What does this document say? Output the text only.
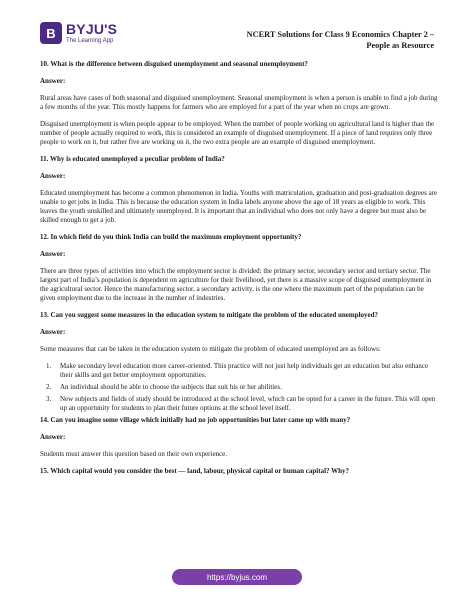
B BYJU'S
The Learning App
NCERT Solutions for Class 9 Economics Chapter 2 –
People as Resource
10. What is the difference between disguised unemployment and seasonal unemployment?
Answer:
Rural areas have cases of both seasonal and disguised unemployment. Seasonal unemployment is when a person is unable to find a job during a few months of the year. This mostly happens for farmers who are employed for a part of the year when no crops are grown.
Disguised unemployment is when people appear to be employed. When the number of people working on agricultural land is higher than the number of people actually required to work, this is considered an example of disguised unemployment. If a piece of land requires only three people to work on it, but rather five are working on it, the two extra people are an example of disguised unemployment.
11. Why is educated unemployed a peculiar problem of India?
Answer:
Educated unemployment has become a common phenomenon in India. Youths with matriculation, graduation and post-graduation degrees are unable to get jobs in India. This is because the education system in India labels anyone above the age of 18 years as eligible to work. This leaves the youth unskilled and ultimately unemployed. It is important that an individual who does not only have a degree but must also be skilled enough to get a job.
12. In which field do you think India can build the maximum employment opportunity?
Answer:
There are three types of activities into which the employment sector is divided: the primary sector, secondary sector and tertiary sector. The largest part of India’s population is dependent on agriculture for their livelihood, yet there is a massive scope of disguised unemployment in the agricultural sector. Hence the manufacturing sector, a secondary activity, is the one where the maximum part of the population can be given employment due to the increase in the number of industries.
13. Can you suggest some measures in the education system to mitigate the problem of the educated unemployed?
Answer:
Some measures that can be taken in the education system to mitigate the problem of educated unemployed are as follows:
1.	Make secondary level education more career-oriented. This practice will not just help individuals get an education but also enhance their skills and get better employment opportunities.
2.	An individual should be able to choose the subjects that suit his or her abilities.
3.	New subjects and fields of study should be introduced at the school level, which can be opted for a career in the future. This will open up an opportunity for students to plan their future options at the school level itself.
14. Can you imagine some village which initially had no job opportunities but later came up with many?
Answer:
Students must answer this question based on their own experience.
15. Which capital would you consider the best — land, labour, physical capital or human capital? Why?
https://byjus.com
